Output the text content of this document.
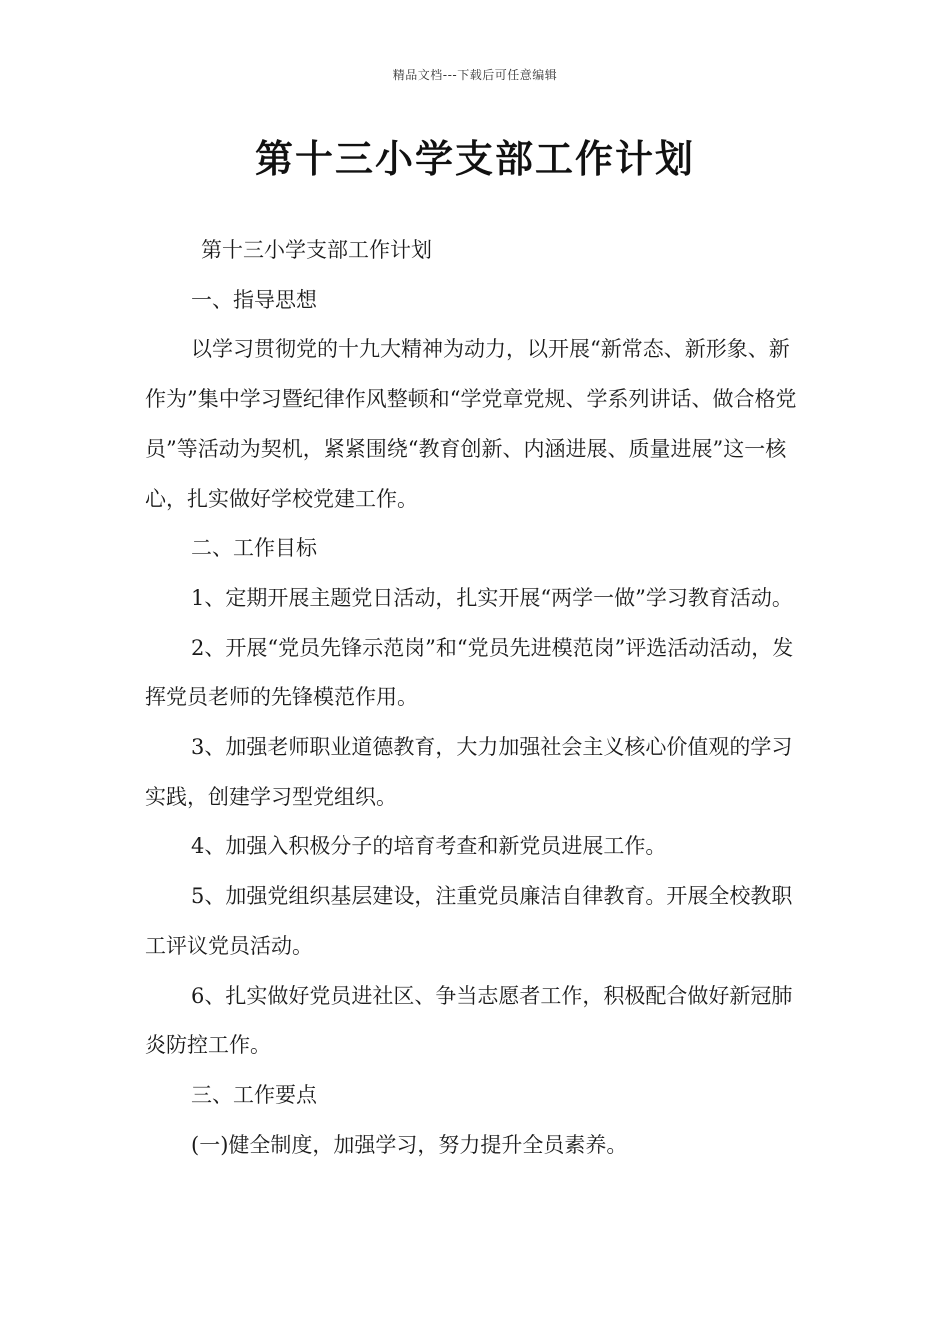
精品文档---下载后可任意编辑
第十三小学支部工作计划

第十三小学支部工作计划

一、指导思想

以学习贯彻党的十九大精神为动力，以开展“新常态、新形象、新作为”集中学习暨纪律作风整顿和“学党章党规、学系列讲话、做合格党员”等活动为契机，紧紧围绕“教育创新、内涵进展、质量进展”这一核心，扎实做好学校党建工作。

二、工作目标

1、定期开展主题党日活动，扎实开展“两学一做”学习教育活动。

2、开展“党员先锋示范岗”和“党员先进模范岗”评选活动活动，发挥党员老师的先锋模范作用。

3、加强老师职业道德教育，大力加强社会主义核心价值观的学习实践，创建学习型党组织。

4、加强入积极分子的培育考查和新党员进展工作。

5、加强党组织基层建设，注重党员廉洁自律教育。开展全校教职工评议党员活动。

6、扎实做好党员进社区、争当志愿者工作，积极配合做好新冠肺炎防控工作。

三、工作要点

(一)健全制度，加强学习，努力提升全员素养。
